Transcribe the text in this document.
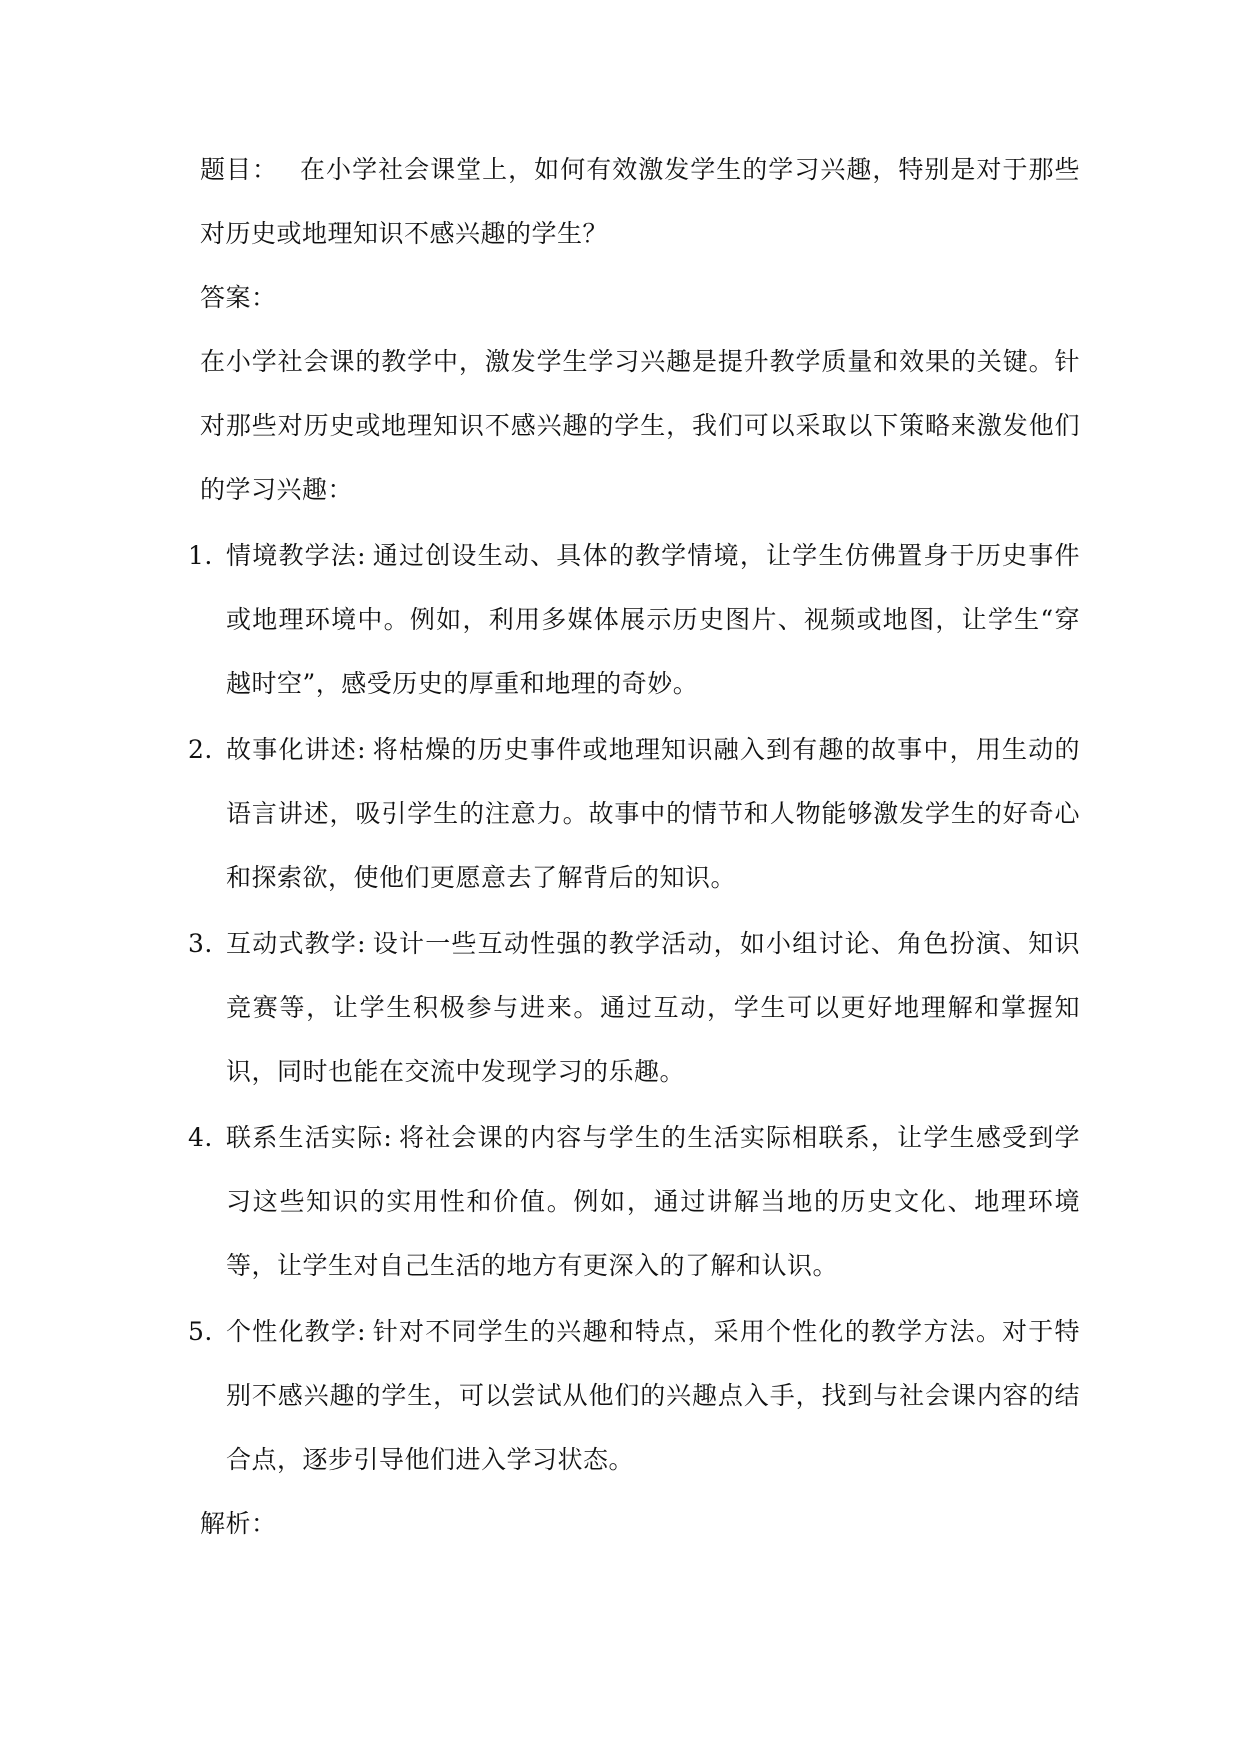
题目： 在小学社会课堂上，如何有效激发学生的学习兴趣，特别是对于那些对历史或地理知识不感兴趣的学生？

答案：

在小学社会课的教学中，激发学生学习兴趣是提升教学质量和效果的关键。针对那些对历史或地理知识不感兴趣的学生，我们可以采取以下策略来激发他们的学习兴趣：

1. 情境教学法: 通过创设生动、具体的教学情境，让学生仿佛置身于历史事件或地理环境中。例如，利用多媒体展示历史图片、视频或地图，让学生“穿越时空”，感受历史的厚重和地理的奇妙。
2. 故事化讲述: 将枯燥的历史事件或地理知识融入到有趣的故事中，用生动的语言讲述，吸引学生的注意力。故事中的情节和人物能够激发学生的好奇心和探索欲，使他们更愿意去了解背后的知识。
3. 互动式教学: 设计一些互动性强的教学活动，如小组讨论、角色扮演、知识竞赛等，让学生积极参与进来。通过互动，学生可以更好地理解和掌握知识，同时也能在交流中发现学习的乐趣。
4. 联系生活实际: 将社会课的内容与学生的生活实际相联系，让学生感受到学习这些知识的实用性和价值。例如，通过讲解当地的历史文化、地理环境等，让学生对自己生活的地方有更深入的了解和认识。
5. 个性化教学: 针对不同学生的兴趣和特点，采用个性化的教学方法。对于特别不感兴趣的学生，可以尝试从他们的兴趣点入手，找到与社会课内容的结合点，逐步引导他们进入学习状态。

解析：
